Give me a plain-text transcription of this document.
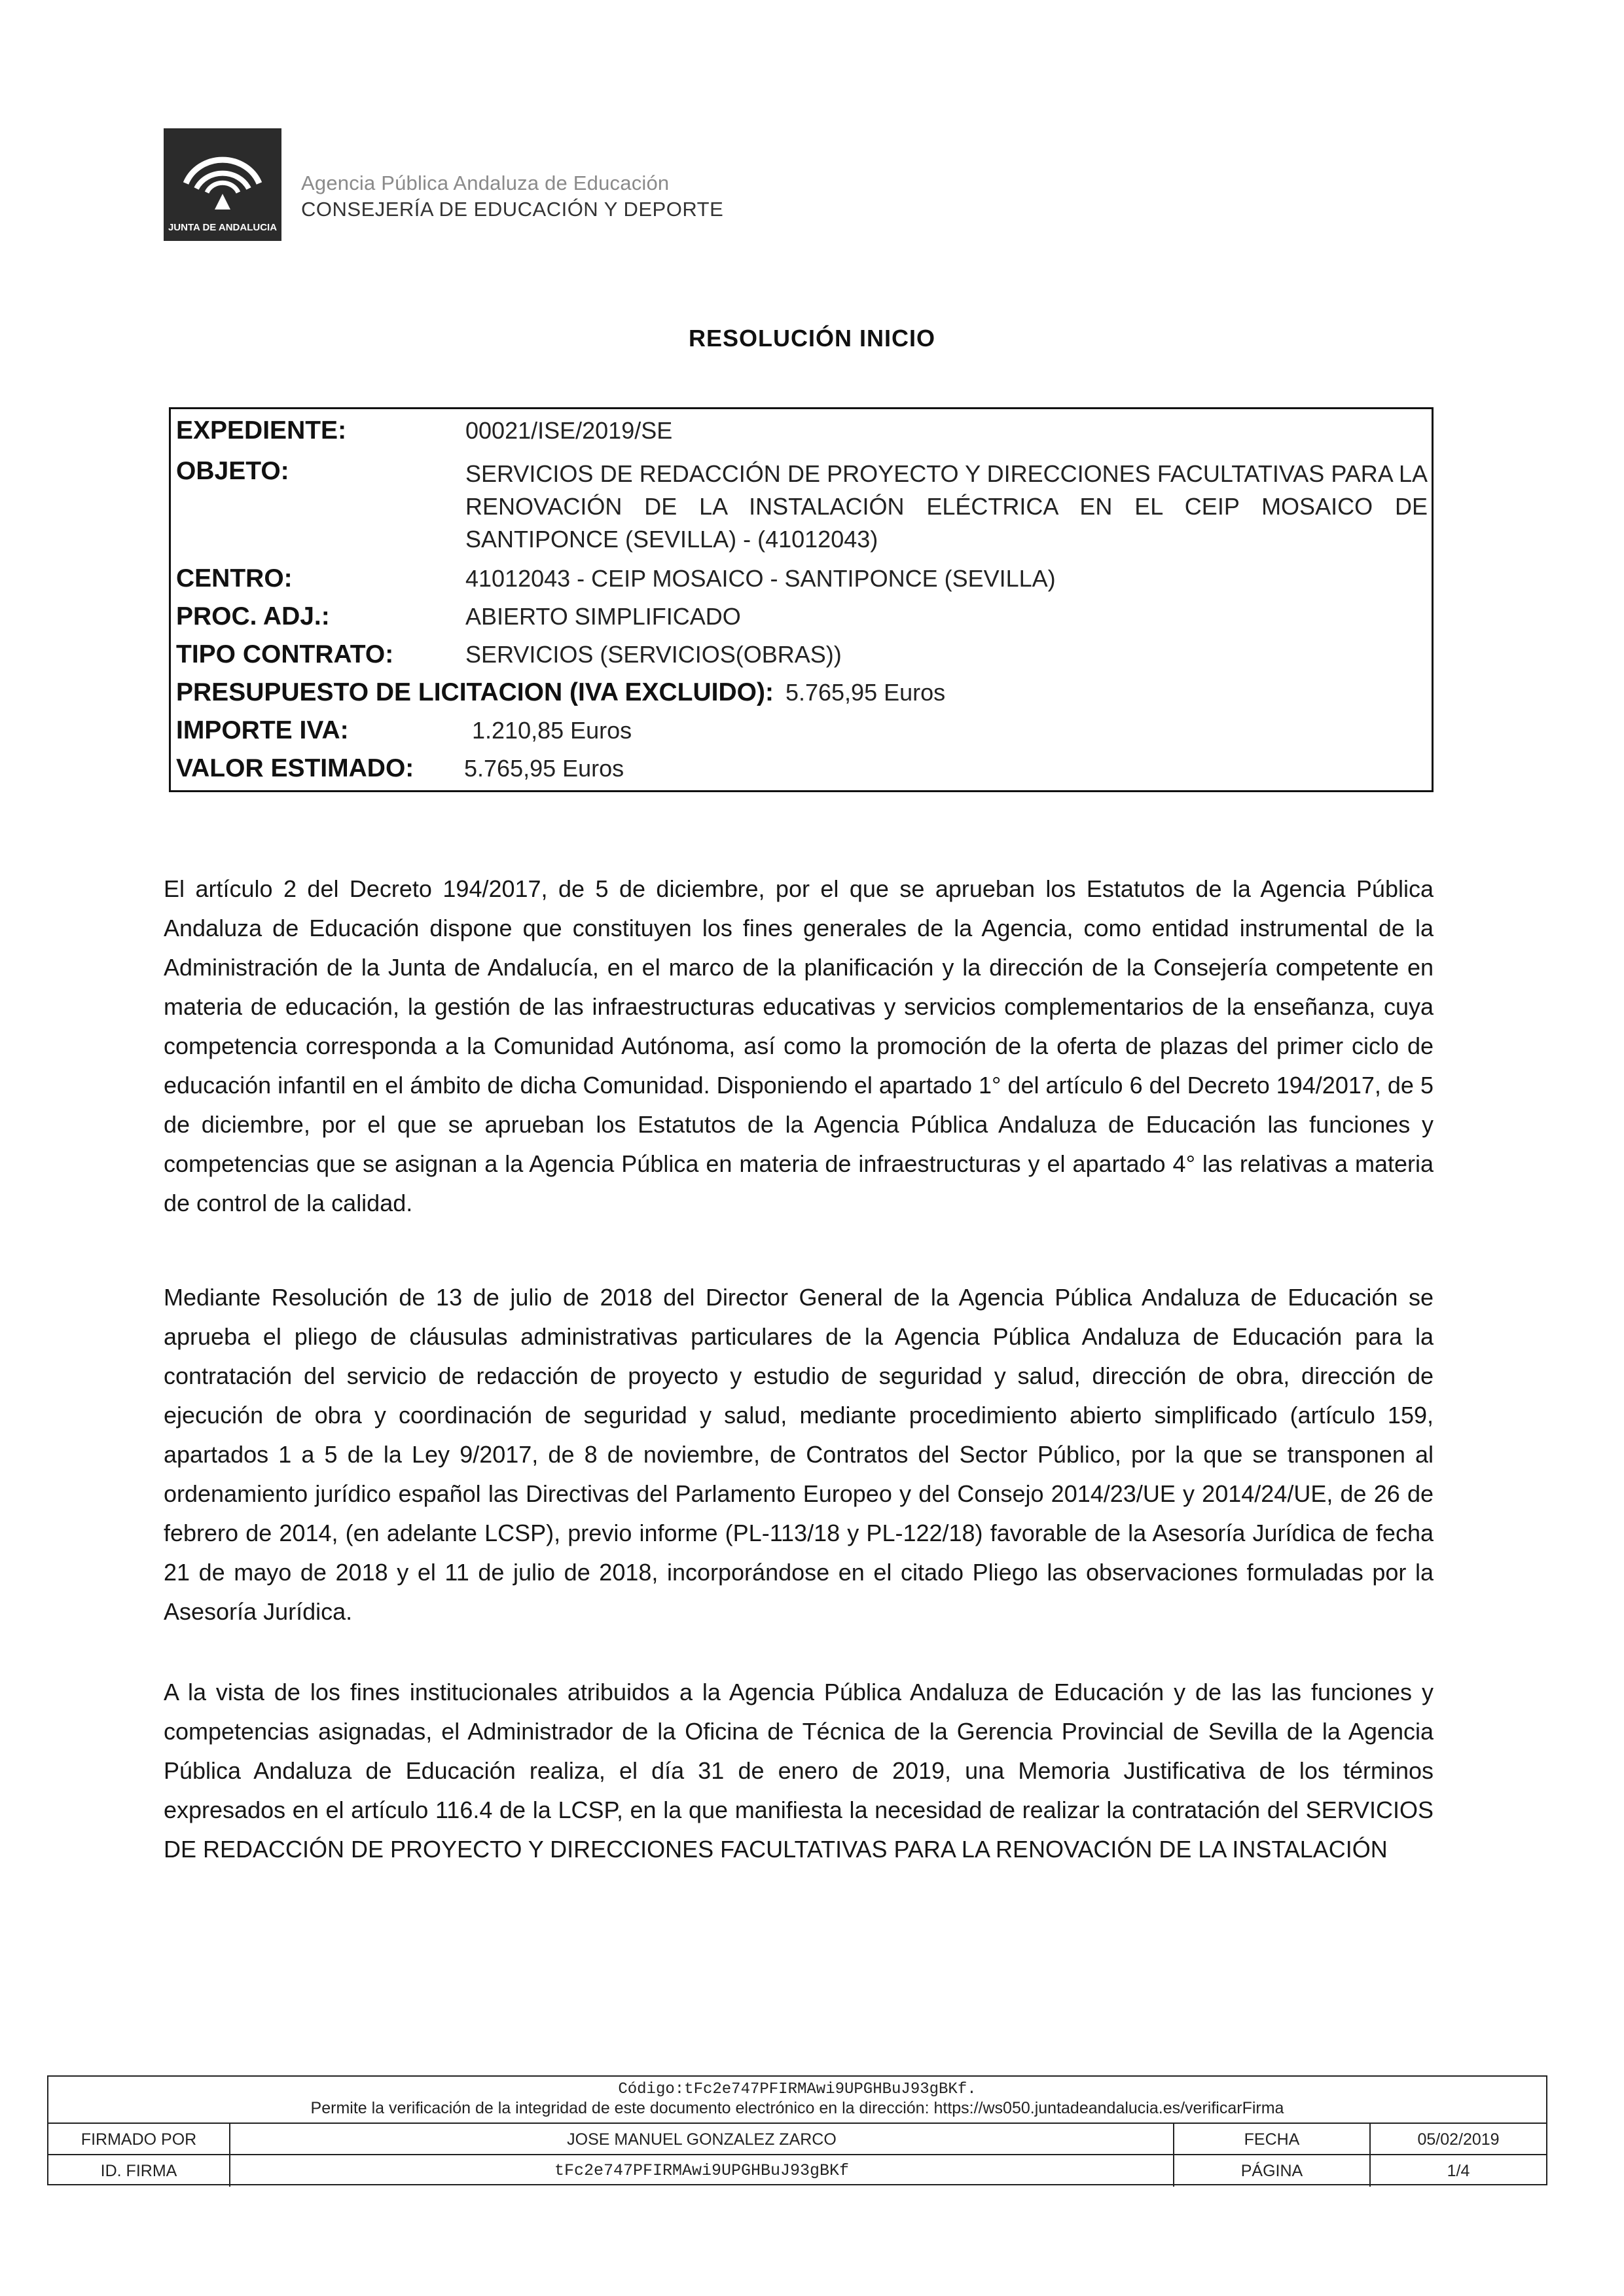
JUNTA DE ANDALUCIA
Agencia Pública Andaluza de Educación
CONSEJERÍA DE EDUCACIÓN Y DEPORTE
RESOLUCIÓN INICIO
EXPEDIENTE:	00021/ISE/2019/SE
OBJETO:	SERVICIOS DE REDACCIÓN DE PROYECTO Y DIRECCIONES FACULTATIVAS PARA LA RENOVACIÓN DE LA INSTALACIÓN ELÉCTRICA EN EL CEIP MOSAICO DE SANTIPONCE (SEVILLA) - (41012043)
CENTRO:	41012043 - CEIP MOSAICO - SANTIPONCE (SEVILLA)
PROC. ADJ.:	ABIERTO SIMPLIFICADO
TIPO CONTRATO:	SERVICIOS (SERVICIOS(OBRAS))
PRESUPUESTO DE LICITACION (IVA EXCLUIDO): 5.765,95 Euros
IMPORTE IVA:	1.210,85 Euros
VALOR ESTIMADO: 5.765,95 Euros

El artículo 2 del Decreto 194/2017, de 5 de diciembre, por el que se aprueban los Estatutos de la Agencia Pública Andaluza de Educación dispone que constituyen los fines generales de la Agencia, como entidad instrumental de la Administración de la Junta de Andalucía, en el marco de la planificación y la dirección de la Consejería competente en materia de educación, la gestión de las infraestructuras educativas y servicios complementarios de la enseñanza, cuya competencia corresponda a la Comunidad Autónoma, así como la promoción de la oferta de plazas del primer ciclo de educación infantil en el ámbito de dicha Comunidad. Disponiendo el apartado 1° del artículo 6 del Decreto 194/2017, de 5 de diciembre, por el que se aprueban los Estatutos de la Agencia Pública Andaluza de Educación las funciones y competencias que se asignan a la Agencia Pública en materia de infraestructuras y el apartado 4° las relativas a materia de control de la calidad.

Mediante Resolución de 13 de julio de 2018 del Director General de la Agencia Pública Andaluza de Educación se aprueba el pliego de cláusulas administrativas particulares de la Agencia Pública Andaluza de Educación para la contratación del servicio de redacción de proyecto y estudio de seguridad y salud, dirección de obra, dirección de ejecución de obra y coordinación de seguridad y salud, mediante procedimiento abierto simplificado (artículo 159, apartados 1 a 5 de la Ley 9/2017, de 8 de noviembre, de Contratos del Sector Público, por la que se transponen al ordenamiento jurídico español las Directivas del Parlamento Europeo y del Consejo 2014/23/UE y 2014/24/UE, de 26 de febrero de 2014, (en adelante LCSP), previo informe (PL-113/18 y PL-122/18) favorable de la Asesoría Jurídica de fecha 21 de mayo de 2018 y el 11 de julio de 2018, incorporándose en el citado Pliego las observaciones formuladas por la Asesoría Jurídica.

A la vista de los fines institucionales atribuidos a la Agencia Pública Andaluza de Educación y de las las funciones y competencias asignadas, el Administrador de la Oficina de Técnica de la Gerencia Provincial de Sevilla de la Agencia Pública Andaluza de Educación realiza, el día 31 de enero de 2019, una Memoria Justificativa de los términos expresados en el artículo 116.4 de la LCSP, en la que manifiesta la necesidad de realizar la contratación del SERVICIOS DE REDACCIÓN DE PROYECTO Y DIRECCIONES FACULTATIVAS PARA LA RENOVACIÓN DE LA INSTALACIÓN

Código:tFc2e747PFIRMAwi9UPGHBuJ93gBKf.
Permite la verificación de la integridad de este documento electrónico en la dirección: https://ws050.juntadeandalucia.es/verificarFirma
FIRMADO POR	JOSE MANUEL GONZALEZ ZARCO	FECHA	05/02/2019
ID. FIRMA	tFc2e747PFIRMAwi9UPGHBuJ93gBKf	PÁGINA	1/4
